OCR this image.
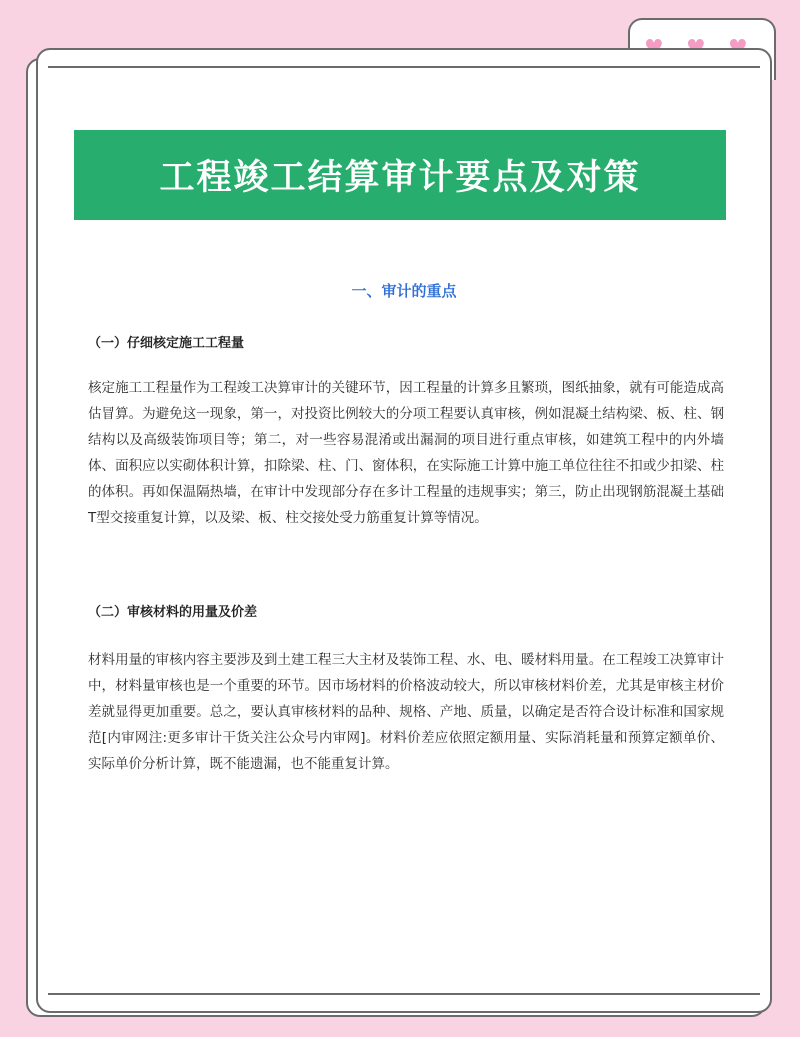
工程竣工结算审计要点及对策
一、审计的重点
（一）仔细核定施工工程量

核定施工工程量作为工程竣工决算审计的关键环节，因工程量的计算多且繁琐，图纸抽象，就有可能造成高估冒算。为避免这一现象，第一，对投资比例较大的分项工程要认真审核，例如混凝土结构梁、板、柱、钢结构以及高级装饰项目等；第二，对一些容易混淆或出漏洞的项目进行重点审核，如建筑工程中的内外墙体、面积应以实砌体积计算，扣除梁、柱、门、窗体积，在实际施工计算中施工单位往往不扣或少扣梁、柱的体积。再如保温隔热墙，在审计中发现部分存在多计工程量的违规事实；第三，防止出现钢筋混凝土基础T型交接重复计算，以及梁、板、柱交接处受力筋重复计算等情况。

（二）审核材料的用量及价差

材料用量的审核内容主要涉及到土建工程三大主材及装饰工程、水、电、暖材料用量。在工程竣工决算审计中，材料量审核也是一个重要的环节。因市场材料的价格波动较大，所以审核材料价差，尤其是审核主材价差就显得更加重要。总之，要认真审核材料的品种、规格、产地、质量，以确定是否符合设计标准和国家规范[内审网注:更多审计干货关注公众号内审网]。材料价差应依照定额用量、实际消耗量和预算定额单价、实际单价分析计算，既不能遗漏，也不能重复计算。
